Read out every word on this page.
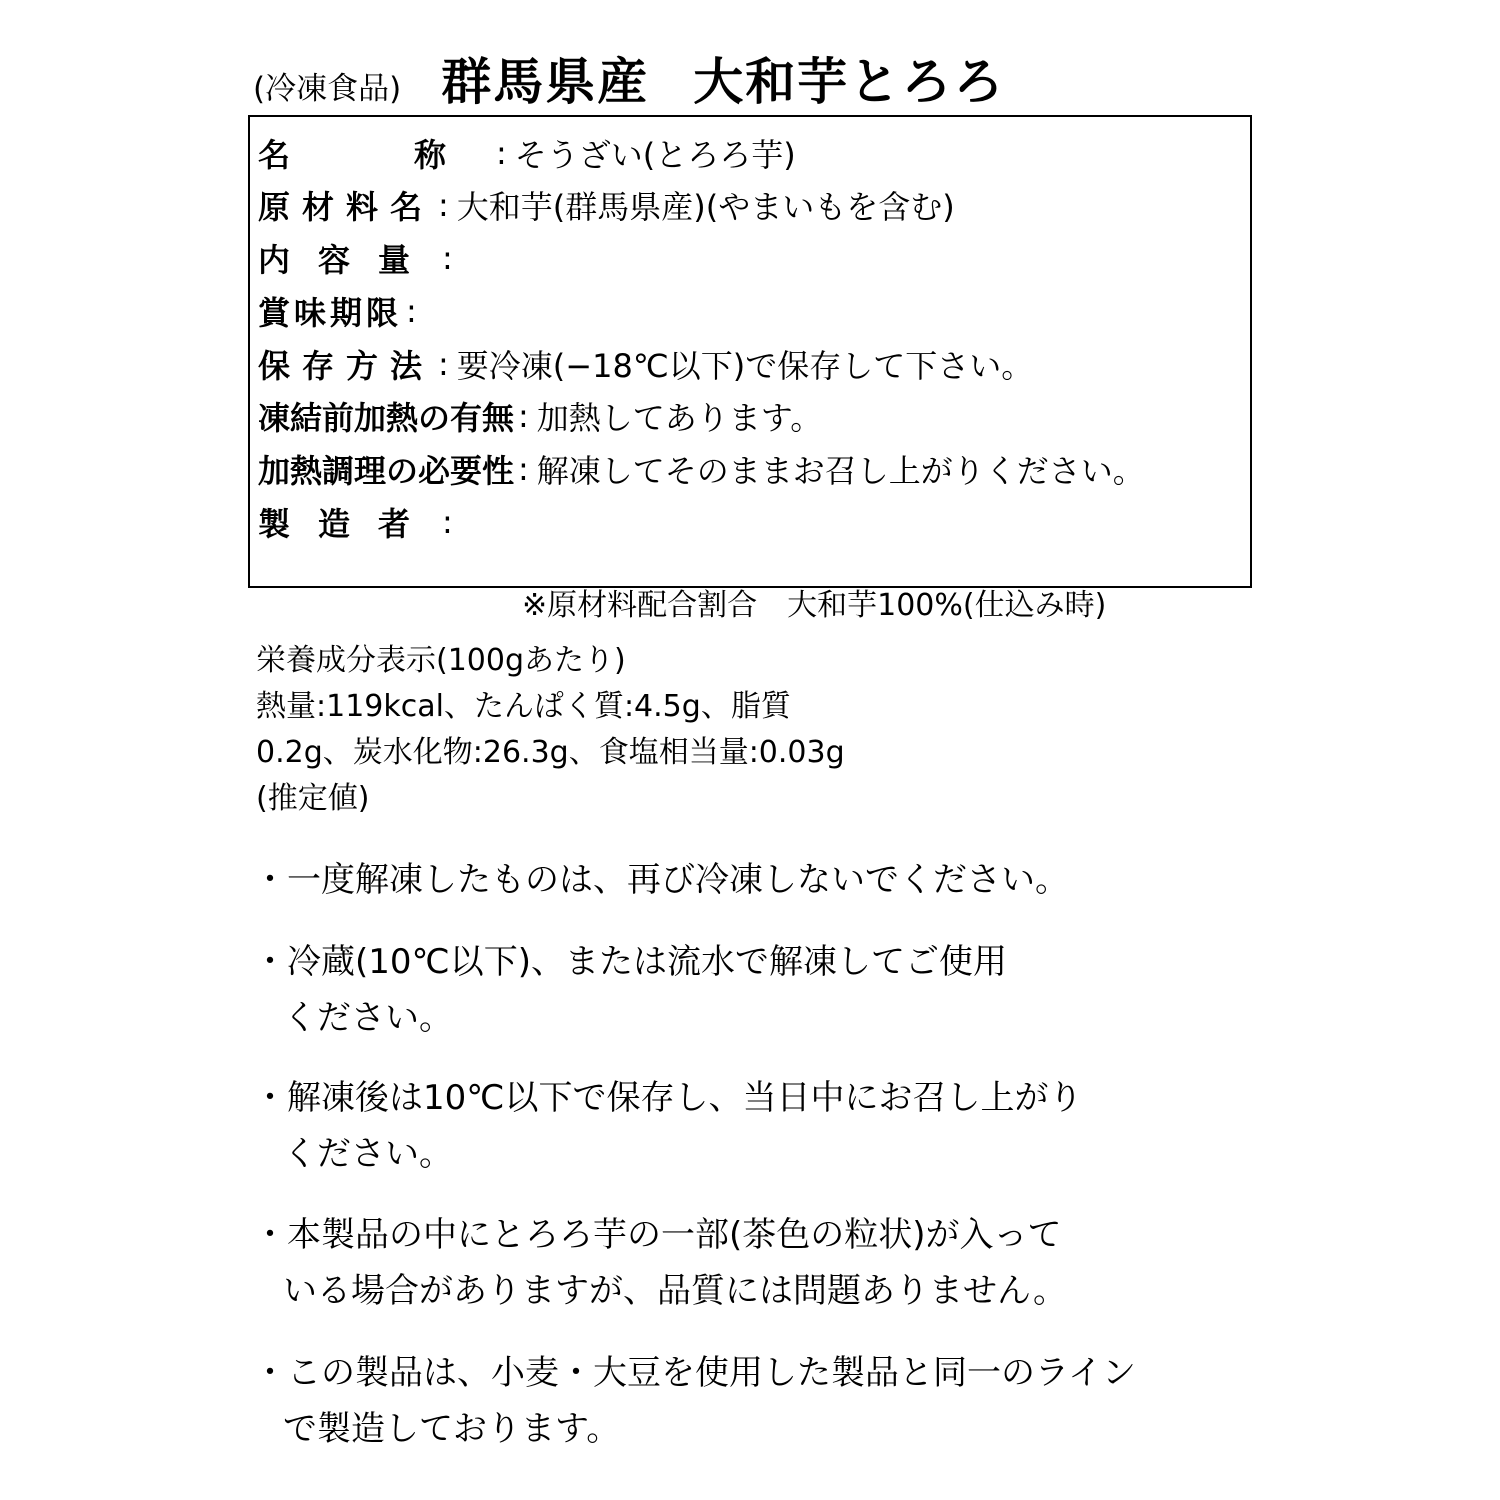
(冷凍食品) 群馬県産 大和芋とろろ
名　称 : そうざい(とろろ芋)
原材料名 : 大和芋(群馬県産)(やまいもを含む)
内容量 :
賞味期限 :
保存方法 : 要冷凍(−18℃以下)で保存して下さい。
凍結前加熱の有無 : 加熱してあります。
加熱調理の必要性 : 解凍してそのままお召し上がりください。
製造者 :
※原材料配合割合　大和芋100%(仕込み時)
栄養成分表示(100gあたり)
熱量:119kcal、たんぱく質:4.5g、脂質
0.2g、炭水化物:26.3g、食塩相当量:0.03g
(推定値)
・一度解凍したものは、再び冷凍しないでください。
・冷蔵(10℃以下)、または流水で解凍してご使用
ください。
・解凍後は10℃以下で保存し、当日中にお召し上がり
ください。
・本製品の中にとろろ芋の一部(茶色の粒状)が入って
いる場合がありますが、品質には問題ありません。
・この製品は、小麦・大豆を使用した製品と同一のライン
で製造しております。
